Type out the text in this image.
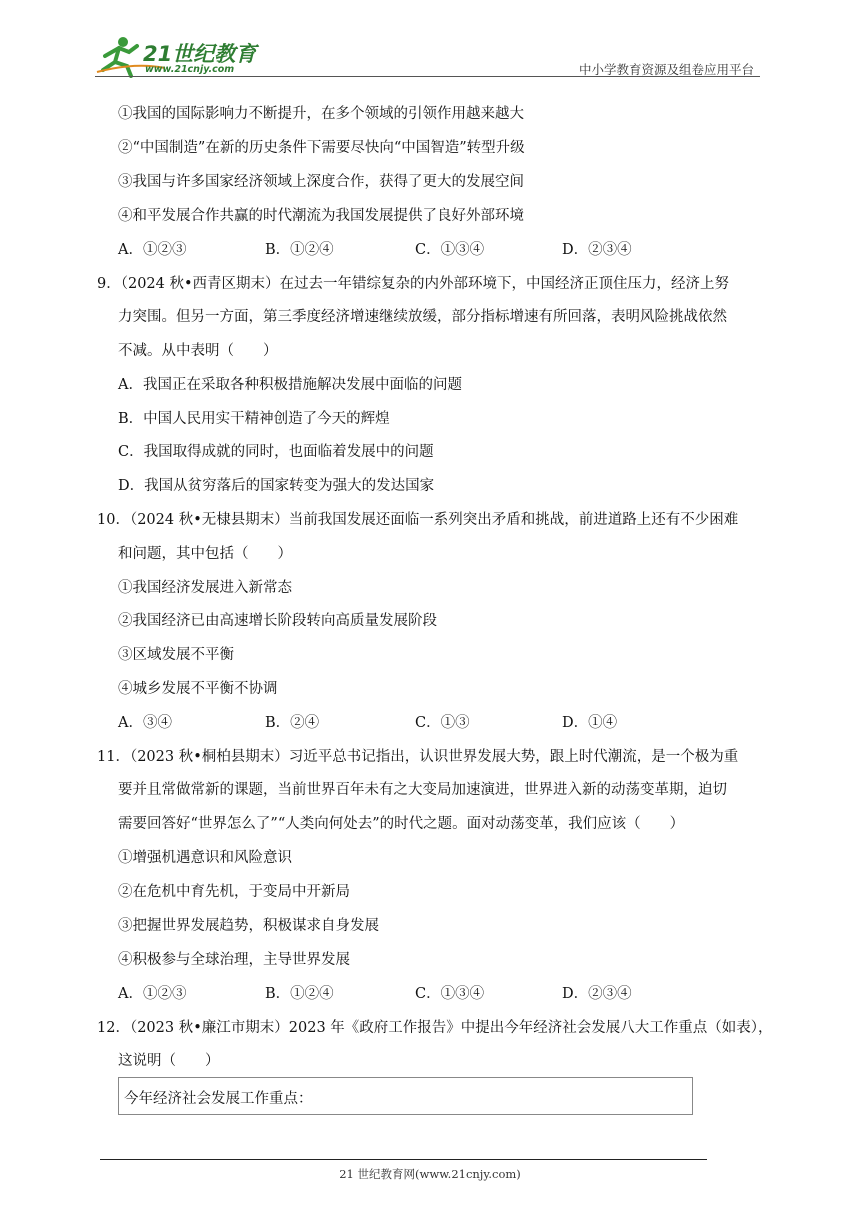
21世纪教育
www.21cnjy.com	中小学教育资源及组卷应用平台
①我国的国际影响力不断提升，在多个领域的引领作用越来越大
②“中国制造”在新的历史条件下需要尽快向“中国智造”转型升级
③我国与许多国家经济领域上深度合作，获得了更大的发展空间
④和平发展合作共赢的时代潮流为我国发展提供了良好外部环境
A．①②③	B．①②④	C．①③④	D．②③④
9．（2024 秋•西青区期末）在过去一年错综复杂的内外部环境下，中国经济正顶住压力，经济上努
力突围。但另一方面，第三季度经济增速继续放缓，部分指标增速有所回落，表明风险挑战依然
不减。从中表明（　　）
A．我国正在采取各种积极措施解决发展中面临的问题
B．中国人民用实干精神创造了今天的辉煌
C．我国取得成就的同时，也面临着发展中的问题
D．我国从贫穷落后的国家转变为强大的发达国家
10．（2024 秋•无棣县期末）当前我国发展还面临一系列突出矛盾和挑战，前进道路上还有不少困难
和问题，其中包括（　　）
①我国经济发展进入新常态
②我国经济已由高速增长阶段转向高质量发展阶段
③区域发展不平衡
④城乡发展不平衡不协调
A．③④	B．②④	C．①③	D．①④
11．（2023 秋•桐柏县期末）习近平总书记指出，认识世界发展大势，跟上时代潮流，是一个极为重
要并且常做常新的课题，当前世界百年未有之大变局加速演进，世界进入新的动荡变革期，迫切
需要回答好“世界怎么了”“人类向何处去”的时代之题。面对动荡变革，我们应该（　　）
①增强机遇意识和风险意识
②在危机中育先机，于变局中开新局
③把握世界发展趋势，积极谋求自身发展
④积极参与全球治理，主导世界发展
A．①②③	B．①②④	C．①③④	D．②③④
12．（2023 秋•廉江市期末）2023 年《政府工作报告》中提出今年经济社会发展八大工作重点（如表），
这说明（　　）
今年经济社会发展工作重点：
21 世纪教育网(www.21cnjy.com)
